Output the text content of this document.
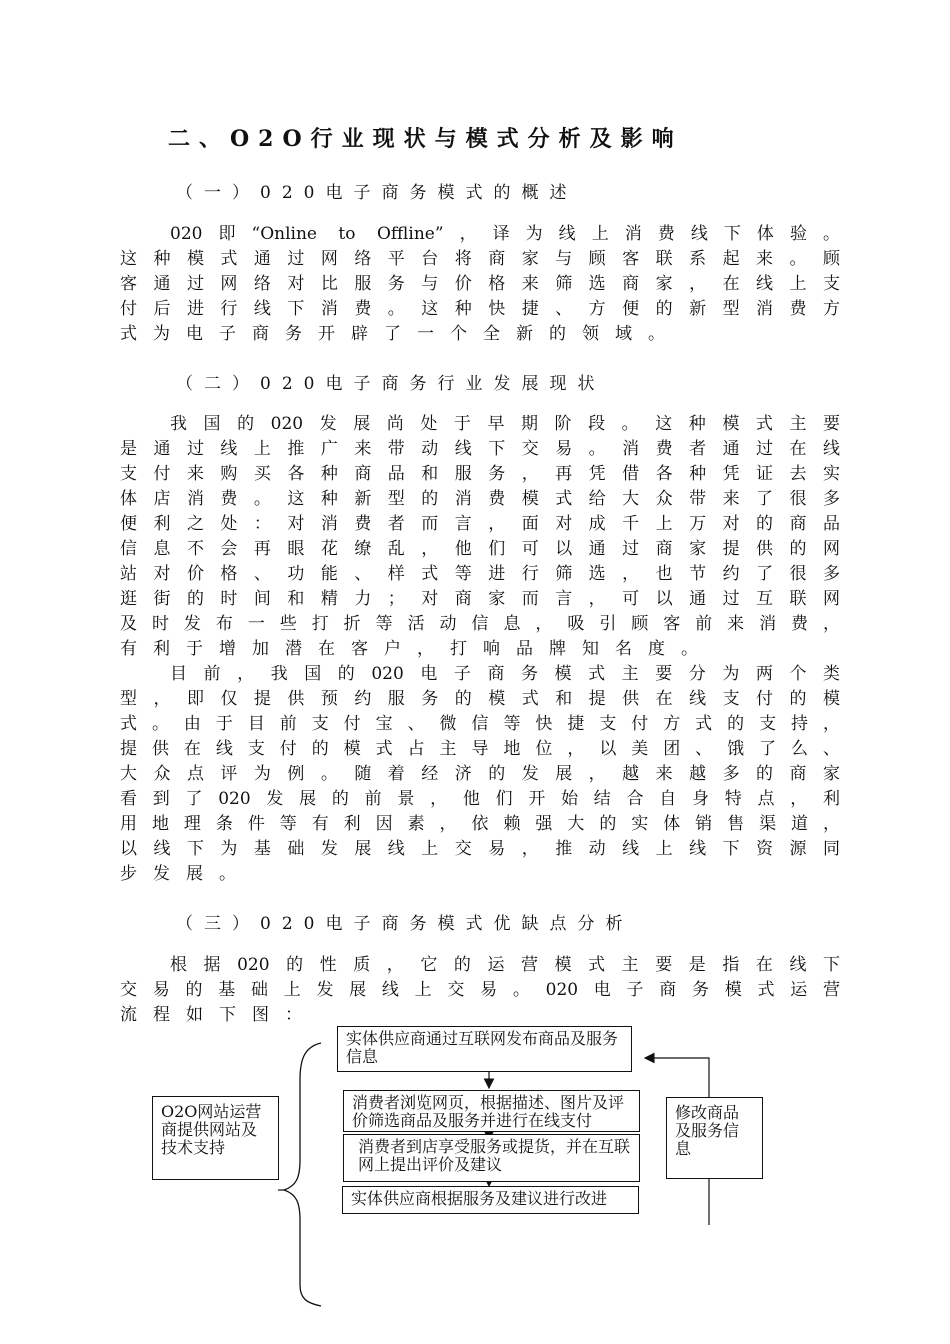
二、O2O行业现状与模式分析及影响
（一）020电子商务模式的概述
020即“Online to Offline”，译为线上消费线下体验。
这种模式通过网络平台将商家与顾客联系起来。顾
客通过网络对比服务与价格来筛选商家，在线上支
付后进行线下消费。这种快捷、方便的新型消费方
式为电子商务开辟了一个全新的领域。
（二）020电子商务行业发展现状
我国的020发展尚处于早期阶段。这种模式主要
是通过线上推广来带动线下交易。消费者通过在线
支付来购买各种商品和服务，再凭借各种凭证去实
体店消费。这种新型的消费模式给大众带来了很多
便利之处：对消费者而言，面对成千上万对的商品
信息不会再眼花缭乱，他们可以通过商家提供的网
站对价格、功能、样式等进行筛选，也节约了很多
逛街的时间和精力；对商家而言，可以通过互联网
及时发布一些打折等活动信息，吸引顾客前来消费，
有利于增加潜在客户，打响品牌知名度。
目前，我国的020电子商务模式主要分为两个类
型，即仅提供预约服务的模式和提供在线支付的模
式。由于目前支付宝、微信等快捷支付方式的支持，
提供在线支付的模式占主导地位，以美团、饿了么、
大众点评为例。随着经济的发展，越来越多的商家
看到了020发展的前景，他们开始结合自身特点，利
用地理条件等有利因素，依赖强大的实体销售渠道，
以线下为基础发展线上交易，推动线上线下资源同
步发展。
（三）020电子商务模式优缺点分析
根据020的性质，它的运营模式主要是指在线下
交易的基础上发展线上交易。020电子商务模式运营
流程如下图：
实体供应商通过互联网发布商品及服务信息
消费者浏览网页，根据描述、图片及评价筛选商品及服务并进行在线支付
消费者到店享受服务或提货，并在互联网上提出评价及建议
实体供应商根据服务及建议进行改进
O2O网站运营商提供网站及技术支持
修改商品及服务信息
